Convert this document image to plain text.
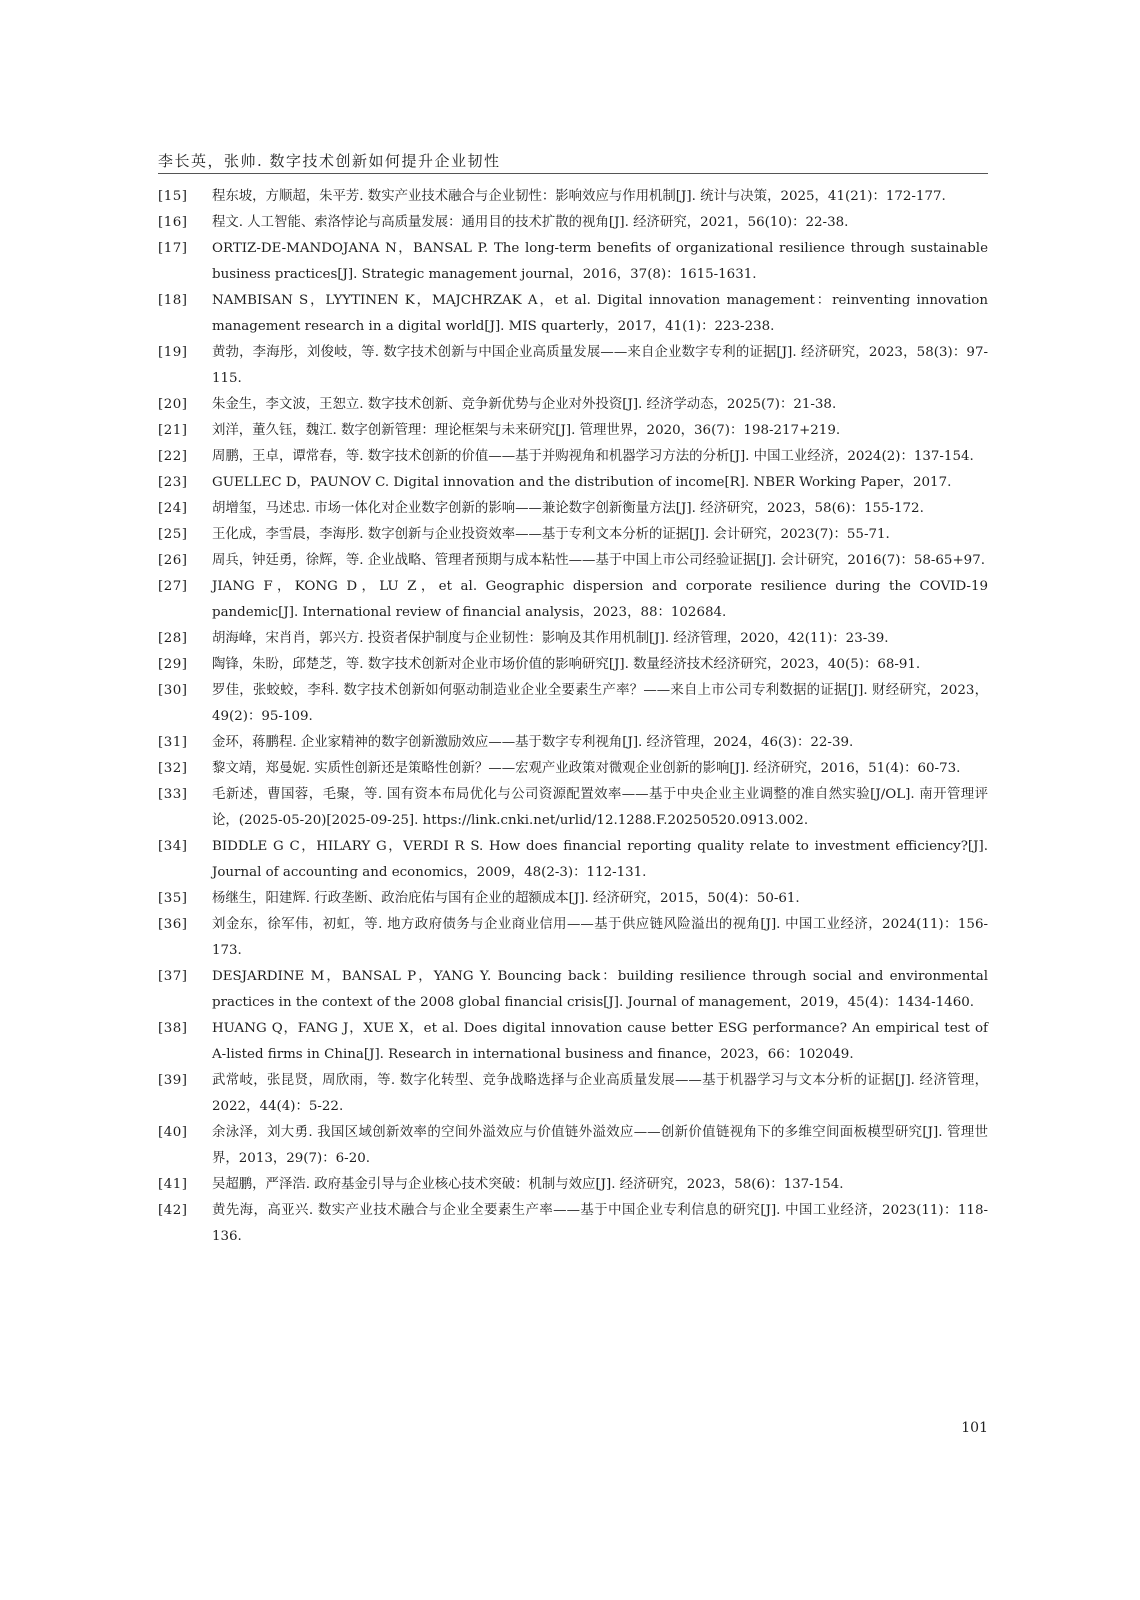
李长英，张帅. 数字技术创新如何提升企业韧性
[15]	程东坡，方顺超，朱平芳. 数实产业技术融合与企业韧性：影响效应与作用机制[J]. 统计与决策，2025，41(21)：172-177.
[16]	程文. 人工智能、索洛悖论与高质量发展：通用目的技术扩散的视角[J]. 经济研究，2021，56(10)：22-38.
[17]	ORTIZ-DE-MANDOJANA N，BANSAL P. The long-term benefits of organizational resilience through sustainable business practices[J]. Strategic management journal，2016，37(8)：1615-1631.
[18]	NAMBISAN S，LYYTINEN K，MAJCHRZAK A，et al. Digital innovation management：reinventing innovation management research in a digital world[J]. MIS quarterly，2017，41(1)：223-238.
[19]	黄勃，李海彤，刘俊岐，等. 数字技术创新与中国企业高质量发展——来自企业数字专利的证据[J]. 经济研究，2023，58(3)：97-115.
[20]	朱金生，李文波，王恕立. 数字技术创新、竞争新优势与企业对外投资[J]. 经济学动态，2025(7)：21-38.
[21]	刘洋，董久钰，魏江. 数字创新管理：理论框架与未来研究[J]. 管理世界，2020，36(7)：198-217+219.
[22]	周鹏，王卓，谭常春，等. 数字技术创新的价值——基于并购视角和机器学习方法的分析[J]. 中国工业经济，2024(2)：137-154.
[23]	GUELLEC D，PAUNOV C. Digital innovation and the distribution of income[R]. NBER Working Paper，2017.
[24]	胡增玺，马述忠. 市场一体化对企业数字创新的影响——兼论数字创新衡量方法[J]. 经济研究，2023，58(6)：155-172.
[25]	王化成，李雪晨，李海彤. 数字创新与企业投资效率——基于专利文本分析的证据[J]. 会计研究，2023(7)：55-71.
[26]	周兵，钟廷勇，徐辉，等. 企业战略、管理者预期与成本粘性——基于中国上市公司经验证据[J]. 会计研究，2016(7)：58-65+97.
[27]	JIANG F，KONG D，LU Z，et al. Geographic dispersion and corporate resilience during the COVID-19 pandemic[J]. International review of financial analysis，2023，88：102684.
[28]	胡海峰，宋肖肖，郭兴方. 投资者保护制度与企业韧性：影响及其作用机制[J]. 经济管理，2020，42(11)：23-39.
[29]	陶锋，朱盼，邱楚芝，等. 数字技术创新对企业市场价值的影响研究[J]. 数量经济技术经济研究，2023，40(5)：68-91.
[30]	罗佳，张蛟蛟，李科. 数字技术创新如何驱动制造业企业全要素生产率？——来自上市公司专利数据的证据[J]. 财经研究，2023，49(2)：95-109.
[31]	金环，蒋鹏程. 企业家精神的数字创新激励效应——基于数字专利视角[J]. 经济管理，2024，46(3)：22-39.
[32]	黎文靖，郑曼妮. 实质性创新还是策略性创新？——宏观产业政策对微观企业创新的影响[J]. 经济研究，2016，51(4)：60-73.
[33]	毛新述，曹国蓉，毛聚，等. 国有资本布局优化与公司资源配置效率——基于中央企业主业调整的准自然实验[J/OL]. 南开管理评论，(2025-05-20)[2025-09-25]. https://link.cnki.net/urlid/12.1288.F.20250520.0913.002.
[34]	BIDDLE G C，HILARY G，VERDI R S. How does financial reporting quality relate to investment efficiency?[J]. Journal of accounting and economics，2009，48(2-3)：112-131.
[35]	杨继生，阳建辉. 行政垄断、政治庇佑与国有企业的超额成本[J]. 经济研究，2015，50(4)：50-61.
[36]	刘金东，徐军伟，初虹，等. 地方政府债务与企业商业信用——基于供应链风险溢出的视角[J]. 中国工业经济，2024(11)：156-173.
[37]	DESJARDINE M，BANSAL P，YANG Y. Bouncing back：building resilience through social and environmental practices in the context of the 2008 global financial crisis[J]. Journal of management，2019，45(4)：1434-1460.
[38]	HUANG Q，FANG J，XUE X，et al. Does digital innovation cause better ESG performance? An empirical test of A-listed firms in China[J]. Research in international business and finance，2023，66：102049.
[39]	武常岐，张昆贤，周欣雨，等. 数字化转型、竞争战略选择与企业高质量发展——基于机器学习与文本分析的证据[J]. 经济管理，2022，44(4)：5-22.
[40]	余泳泽，刘大勇. 我国区域创新效率的空间外溢效应与价值链外溢效应——创新价值链视角下的多维空间面板模型研究[J]. 管理世界，2013，29(7)：6-20.
[41]	吴超鹏，严泽浩. 政府基金引导与企业核心技术突破：机制与效应[J]. 经济研究，2023，58(6)：137-154.
[42]	黄先海，高亚兴. 数实产业技术融合与企业全要素生产率——基于中国企业专利信息的研究[J]. 中国工业经济，2023(11)：118-136.
101
